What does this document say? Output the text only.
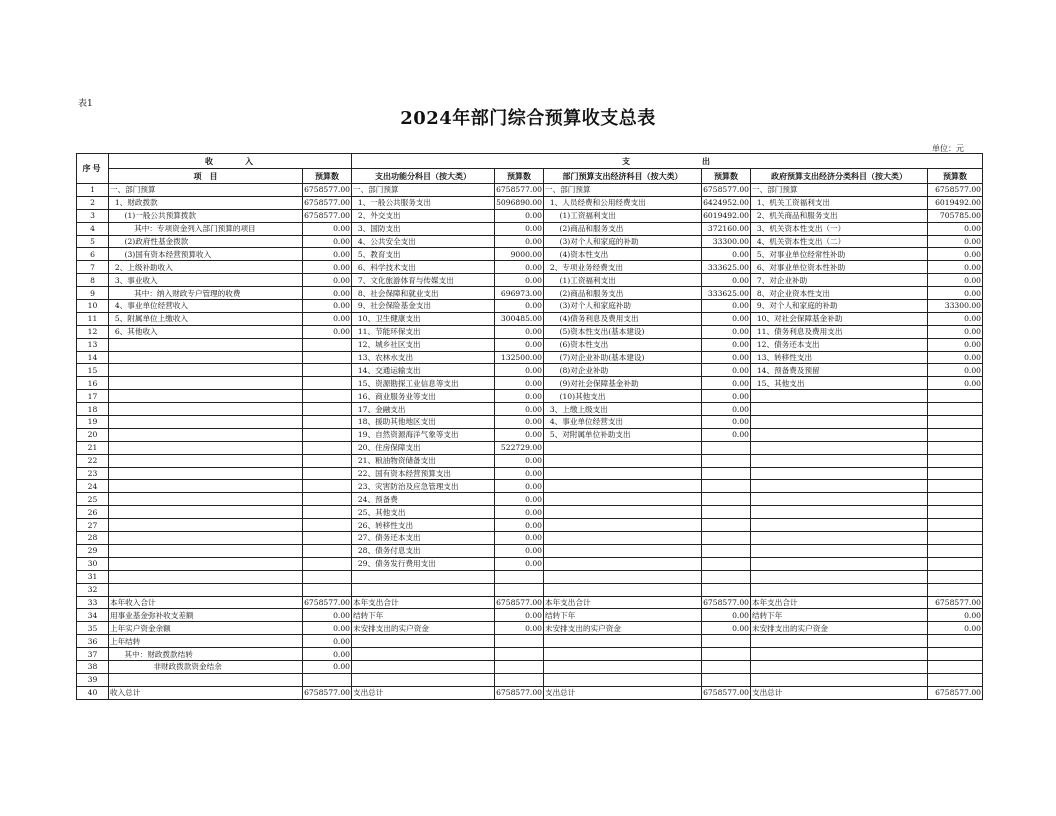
表1
2024年部门综合预算收支总表
单位：元
序号	收　　　入		支　　　　　　　出					
	项　目	预算数	支出功能分科目（按大类）	预算数	部门预算支出经济科目（按大类）	预算数	政府预算支出经济分类科目（按大类）	预算数
1	一、部门预算	6758577.00	一、部门预算	6758577.00	一、部门预算	6758577.00	一、部门预算	6758577.00
2	1、财政拨款	6758577.00	1、一般公共服务支出	5096890.00	1、人员经费和公用经费支出	6424952.00	1、机关工资福利支出	6019492.00
3	(1)一般公共预算拨款	6758577.00	2、外交支出	0.00	(1)工资福利支出	6019492.00	2、机关商品和服务支出	705785.00
4	其中：专项资金列入部门预算的项目	0.00	3、国防支出	0.00	(2)商品和服务支出	372160.00	3、机关资本性支出（一）	0.00
5	(2)政府性基金拨款	0.00	4、公共安全支出	0.00	(3)对个人和家庭的补助	33300.00	4、机关资本性支出（二）	0.00
6	(3)国有资本经营预算收入	0.00	5、教育支出	9000.00	(4)资本性支出	0.00	5、对事业单位经常性补助	0.00
7	2、上级补助收入	0.00	6、科学技术支出	0.00	2、专项业务经费支出	333625.00	6、对事业单位资本性补助	0.00
8	3、事业收入	0.00	7、文化旅游体育与传媒支出	0.00	(1)工资福利支出	0.00	7、对企业补助	0.00
9	其中：纳入财政专户管理的收费	0.00	8、社会保障和就业支出	696973.00	(2)商品和服务支出	333625.00	8、对企业资本性支出	0.00
10	4、事业单位经营收入	0.00	9、社会保险基金支出	0.00	(3)对个人和家庭补助	0.00	9、对个人和家庭的补助	33300.00
11	5、附属单位上缴收入	0.00	10、卫生健康支出	300485.00	(4)债务利息及费用支出	0.00	10、对社会保障基金补助	0.00
12	6、其他收入	0.00	11、节能环保支出	0.00	(5)资本性支出(基本建设)	0.00	11、债务利息及费用支出	0.00
13			12、城乡社区支出	0.00	(6)资本性支出	0.00	12、债务还本支出	0.00
14			13、农林水支出	132500.00	(7)对企业补助(基本建设)	0.00	13、转移性支出	0.00
15			14、交通运输支出	0.00	(8)对企业补助	0.00	14、预备费及预留	0.00
16			15、资源勘探工业信息等支出	0.00	(9)对社会保障基金补助	0.00	15、其他支出	0.00
17			16、商业服务业等支出	0.00	(10)其他支出	0.00		
18			17、金融支出	0.00	3、上缴上级支出	0.00		
19			18、援助其他地区支出	0.00	4、事业单位经营支出	0.00		
20			19、自然资源海洋气象等支出	0.00	5、对附属单位补助支出	0.00		
21			20、住房保障支出	522729.00				
22			21、粮油物资储备支出	0.00				
23			22、国有资本经营预算支出	0.00				
24			23、灾害防治及应急管理支出	0.00				
25			24、预备费	0.00				
26			25、其他支出	0.00				
27			26、转移性支出	0.00				
28			27、债务还本支出	0.00				
29			28、债务付息支出	0.00				
30			29、债务发行费用支出	0.00				
31								
32								
33	本年收入合计	6758577.00	本年支出合计	6758577.00	本年支出合计	6758577.00	本年支出合计	6758577.00
34	用事业基金弥补收支差额	0.00	结转下年	0.00	结转下年	0.00	结转下年	0.00
35	上年实户资金余额	0.00	未安排支出的实户资金	0.00	未安排支出的实户资金	0.00	未安排支出的实户资金	0.00
36	上年结转	0.00						
37	其中：财政拨款结转	0.00						
38	非财政拨款资金结余	0.00						
39								
40	收入总计	6758577.00	支出总计	6758577.00	支出总计	6758577.00	支出总计	6758577.00
